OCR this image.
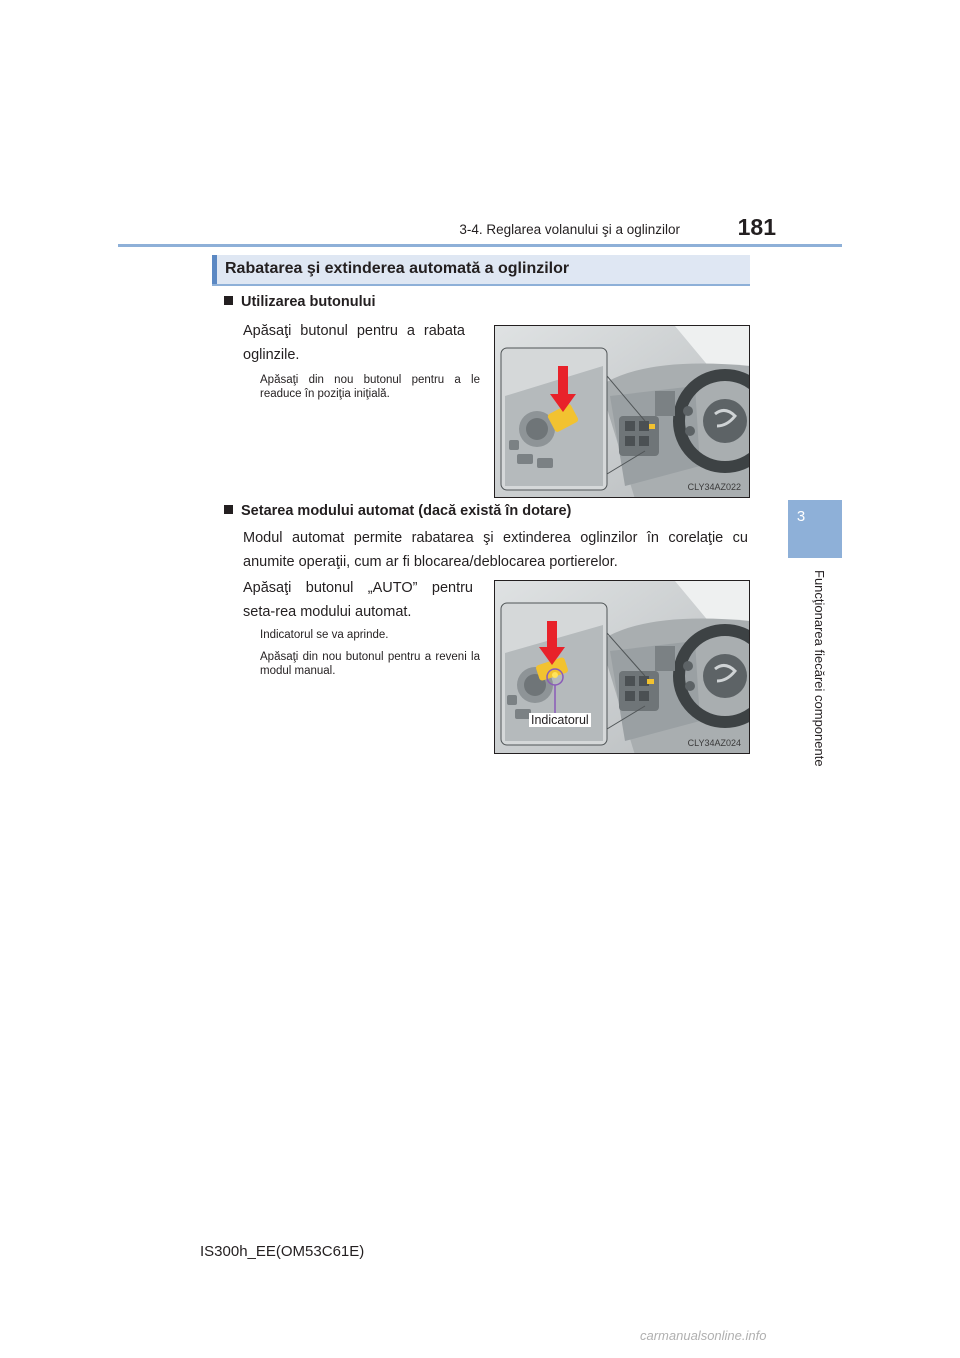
3-4. Reglarea volanului şi a oglinzilor	181
3
Funcţionarea fiecărei componente
Rabatarea şi extinderea automată a oglinzilor
Utilizarea butonului
Apăsaţi butonul pentru a rabata oglinzile.
Apăsaţi din nou butonul pentru a le readuce în poziţia iniţială.
CLY34AZ022
Setarea modului automat (dacă există în dotare)
Modul automat permite rabatarea şi extinderea oglinzilor în corelaţie cu anumite operaţii, cum ar fi blocarea/deblocarea portierelor.
Apăsaţi butonul „AUTO” pentru seta-rea modului automat.
Indicatorul se va aprinde.
Apăsaţi din nou butonul pentru a reveni la modul manual.
Indicatorul
CLY34AZ024
IS300h_EE(OM53C61E)
carmanualsonline.info
